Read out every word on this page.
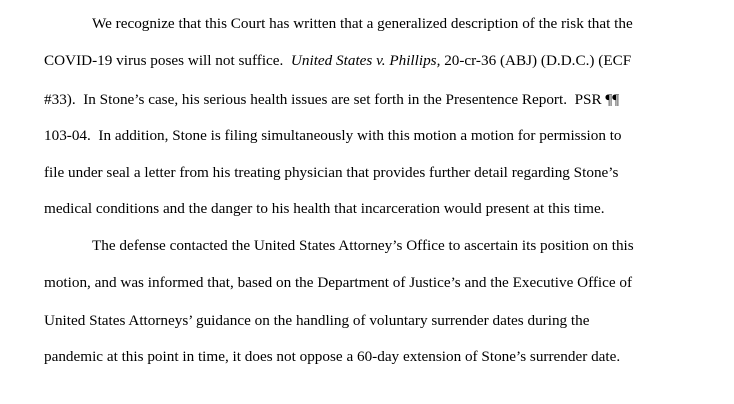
We recognize that this Court has written that a generalized description of the risk that the
COVID-19 virus poses will not suffice.  United States v. Phillips, 20-cr-36 (ABJ) (D.D.C.) (ECF
#33).  In Stone’s case, his serious health issues are set forth in the Presentence Report.  PSR ¶¶
103-04.  In addition, Stone is filing simultaneously with this motion a motion for permission to
file under seal a letter from his treating physician that provides further detail regarding Stone’s
medical conditions and the danger to his health that incarceration would present at this time.
The defense contacted the United States Attorney’s Office to ascertain its position on this
motion, and was informed that, based on the Department of Justice’s and the Executive Office of
United States Attorneys’ guidance on the handling of voluntary surrender dates during the
pandemic at this point in time, it does not oppose a 60-day extension of Stone’s surrender date.
